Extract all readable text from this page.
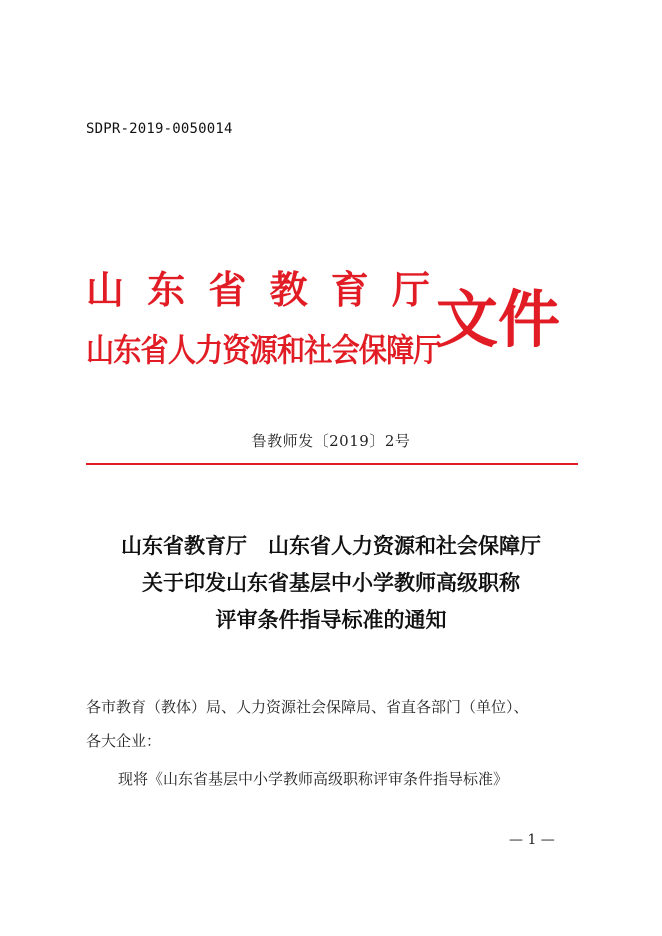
SDPR-2019-0050014
山 东 省 教 育 厅
山东省人力资源和社会保障厅
文件
鲁教师发〔2019〕2号
山东省教育厅　山东省人力资源和社会保障厅
关于印发山东省基层中小学教师高级职称
评审条件指导标准的通知
各市教育（教体）局、人力资源社会保障局、省直各部门（单位）、
各大企业：
现将《山东省基层中小学教师高级职称评审条件指导标准》
— 1 —
